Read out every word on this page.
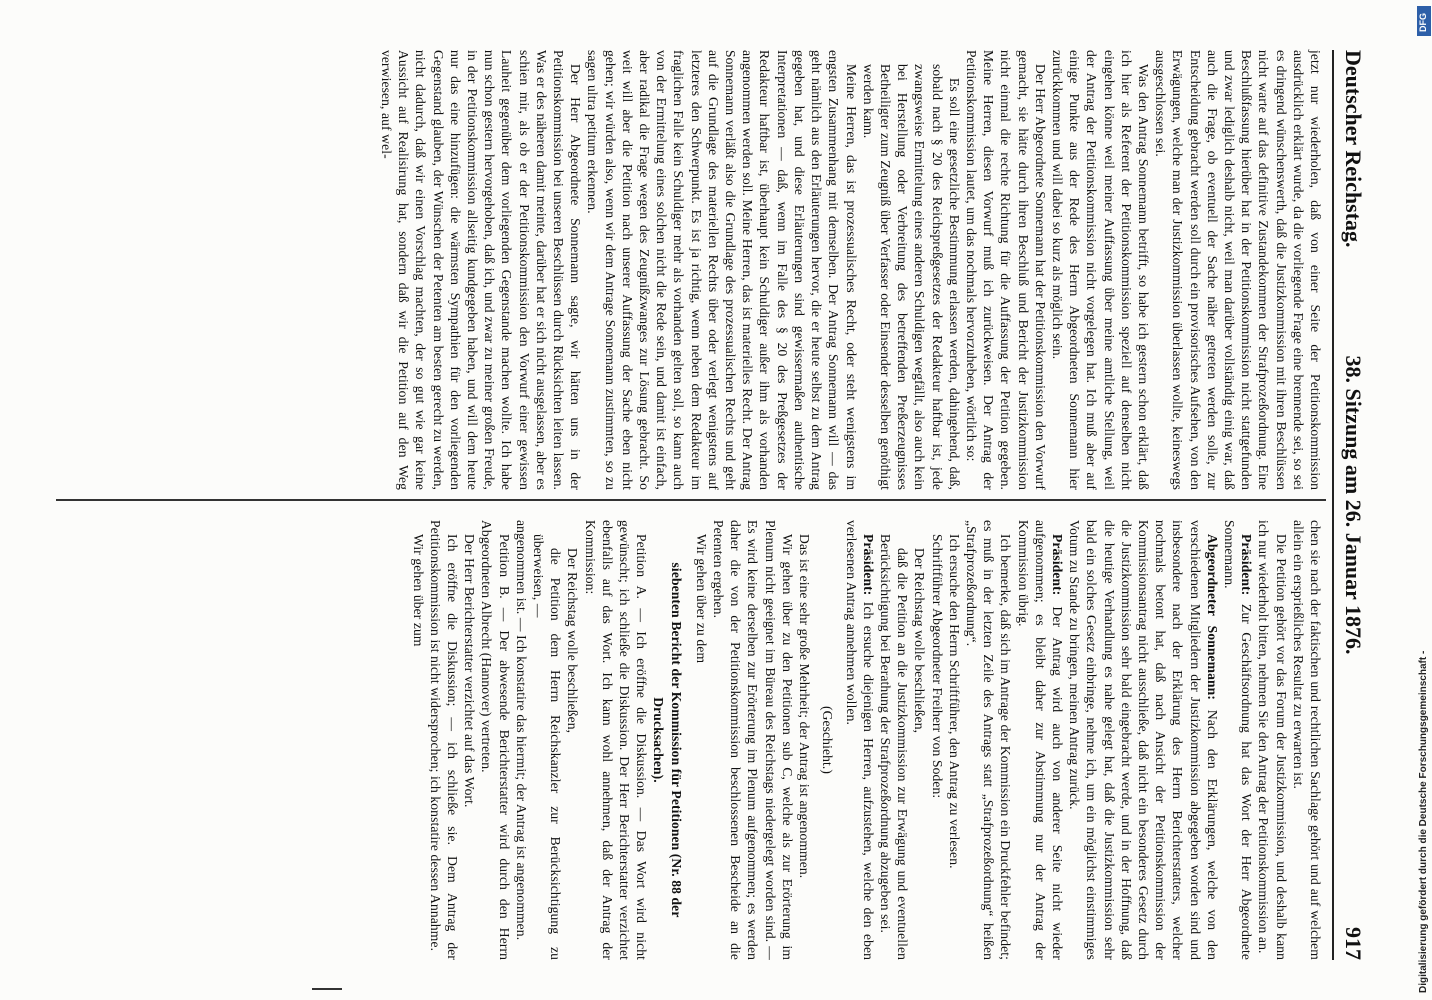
Deutscher Reichstag.
38. Sitzung am 26. Januar 1876.
917

jetzt nur wiederholen, daß von einer Seite der Petitionskommission ausdrücklich erklärt wurde, da die vorliegende Frage eine brennende sei, so sei es dringend wünschenswerth, daß die Justizkommission mit ihren Beschlüssen nicht warte auf das definitive Zustandekommen der Strafprozeßordnung. Eine Beschlußfassung hierüber hat in der Petitionskommission nicht stattgefunden und zwar lediglich deshalb nicht, weil man darüber vollständig einig war, daß auch die Frage, ob eventuell der Sache näher getreten werden solle, zur Entscheidung gebracht werden soll durch ein provisorisches Aufsehen, von den Erwägungen, welche man der Justizkommission überlassen wollte, keineswegs ausgeschlossen sei.

Was den Antrag Sonnemann betrifft, so habe ich gestern schon erklärt, daß ich hier als Referent der Petitionskommission speziell auf denselben nicht eingehen könne weil meiner Auffassung über meine amtliche Stellung, weil der Antrag der Petitionskommission nicht vorgelegen hat. Ich muß aber auf einige Punkte aus der Rede des Herrn Abgeordneten Sonnemann hier zurückkommen und will dabei so kurz als möglich sein.

Der Herr Abgeordnete Sonnemann hat der Petitionskommission den Vorwurf gemacht, sie hätte durch ihren Beschluß und Bericht der Justizkommission nicht einmal die rechte Richtung für die Auffassung der Petition gegeben. Meine Herren, diesen Vorwurf muß ich zurückweisen. Der Antrag der Petitionskommission lautet, um das nochmals hervorzuheben, wörtlich so:

Es soll eine gesetzliche Bestimmung erlassen werden, dahingehend, daß, sobald nach § 20 des Reichspreßgesetzes der Redakteur haftbar ist, jede zwangsweise Ermittelung eines anderen Schuldigen wegfällt, also auch kein bei Herstellung oder Verbreitung des betreffenden Preßerzeugnisses Betheiligter zum Zeugniß über Verfasser oder Einsender desselben genöthigt werden kann.

Meine Herren, das ist prozessualisches Recht, oder steht wenigstens im engsten Zusammenhang mit demselben. Der Antrag Sonnemann will — das geht nämlich aus den Erläuterungen hervor, die er heute selbst zu dem Antrag gegeben hat, und diese Erläuterungen sind gewissermaßen authentische Interpretationen — daß, wenn im Falle des § 20 des Preßgesetzes der Redakteur haftbar ist, überhaupt kein Schuldiger außer ihm als vorhanden angenommen werden soll. Meine Herren, das ist materielles Recht. Der Antrag Sonnemann verläßt also die Grundlage des prozessualischen Rechts und geht auf die Grundlage des materiellen Rechts über oder verlegt wenigstens auf letzteres den Schwerpunkt. Es ist ja richtig, wenn neben dem Redakteur im fraglichen Falle kein Schuldiger mehr als vorhanden gelten soll, so kann auch von der Ermittelung eines solchen nicht die Rede sein, und damit ist einfach, aber radikal die Frage wegen des Zeugnißzwanges zur Lösung gebracht. So weit will aber die Petition nach unserer Auffassung der Sache eben nicht gehen; wir würden also, wenn wir dem Antrage Sonnemann zustimmten, so zu sagen ultra petitum erkennen.

Der Herr Abgeordnete Sonnemann sagte, wir hätten uns in der Petitionskommission bei unseren Beschlüssen durch Rücksichten leiten lassen. Was er des näheren damit meinte, darüber hat er sich nicht ausgelassen, aber es schien mir, als ob er der Petitionskommission den Vorwurf einer gewissen Lauheit gegenüber dem vorliegenden Gegenstande machen wollte. Ich habe nun schon gestern hervorgehoben, daß ich, und zwar zu meiner großen Freude, in der Petitionskommission allseitig kundgegeben haben, und will dem heute nur das eine hinzufügen: die wärmsten Sympathien für den vorliegenden Gegenstand glauben, der Wünschen der Petenten am besten gerecht zu werden, nicht dadurch, daß wir einen Vorschlag machten, der so gut wie gar keine Aussicht auf Realisirung hat, sondern daß wir die Petition auf den Weg verwiesen, auf wel-

chen sie nach der faktischen und rechtlichen Sachlage gehört und auf welchem allein ein ersprießliches Resultat zu erwarten ist.

Die Petition gehört vor das Forum der Justizkommission, und deshalb kann ich nur wiederholt bitten, nehmen Sie den Antrag der Petitionskommission an.

Präsident: Zur Geschäftsordnung hat das Wort der Herr Abgeordnete Sonnemann.

Abgeordneter Sonnemann: Nach den Erklärungen, welche von den verschiedenen Mitgliedern der Justizkommission abgegeben worden sind und insbesondere nach der Erklärung des Herrn Berichterstatters, welcher nochmals betont hat, daß nach Ansicht der Petitionskommission der Kommissionsantrag nicht ausschließe, daß nicht ein besonderes Gesetz durch die Justizkommission sehr bald eingebracht werde, und in der Hoffnung, daß die heutige Verhandlung es nahe gelegt hat, daß die Justizkommission sehr bald ein solches Gesetz einbringe, nehme ich, um ein möglichst einstimmiges Votum zu Stande zu bringen, meinen Antrag zurück.

Präsident: Der Antrag wird auch von anderer Seite nicht wieder aufgenommen; es bleibt daher zur Abstimmung nur der Antrag der Kommission übrig.

Ich bemerke, daß sich im Antrage der Kommission ein Druckfehler befindet; es muß in der letzten Zeile des Antrags statt „Strafprozeßordnung“ heißen „Strafprozeßordnung“.

Ich ersuche den Herrn Schriftführer, den Antrag zu verlesen.

Schriftführer Abgeordneter Freiherr von Soden:

Der Reichstag wolle beschließen,

daß die Petition an die Justizkommission zur Erwägung und eventuellen Berücksichtigung bei Berathung der Strafprozeßordnung abzugeben sei.

Präsident: Ich ersuche diejenigen Herren, aufzustehen, welche den eben verlesenen Antrag annehmen wollen.

(Geschieht.)

Das ist eine sehr große Mehrheit; der Antrag ist angenommen.

Wir gehen über zu den Petitionen sub C, welche als zur Erörterung im Plenum nicht geeignet im Büreau des Reichstags niedergelegt worden sind. — Es wird keine derselben zur Erörterung im Plenum aufgenommen; es werden daher die von der Petitionskommission beschlossenen Bescheide an die Petenten ergehen.

Wir gehen über zu dem

siebenten Bericht der Kommission für Petitionen (Nr. 88 der Drucksachen).

Petition A. — Ich eröffne die Diskussion. — Das Wort wird nicht gewünscht; ich schließe die Diskussion. Der Herr Berichterstatter verzichtet ebenfalls auf das Wort. Ich kann wohl annehmen, daß der Antrag der Kommission:

Der Reichstag wolle beschließen,

die Petition dem Herrn Reichskanzler zur Berücksichtigung zu überweisen, —

angenommen ist. — Ich konstatire das hiermit; der Antrag ist angenommen.

Petition B. — Der abwesende Berichterstatter wird durch den Herrn Abgeordneten Albrecht (Hannover) vertreten.

Der Herr Berichterstatter verzichtet auf das Wort.

Ich eröffne die Diskussion; — ich schließe sie. Dem Antrag der Petitionskommission ist nicht widersprochen; ich konstatire dessen Annahme.

Wir gehen über zum

Digitalisierung gefördert durch die Deutsche Forschungsgemeinschaft -
DFG
